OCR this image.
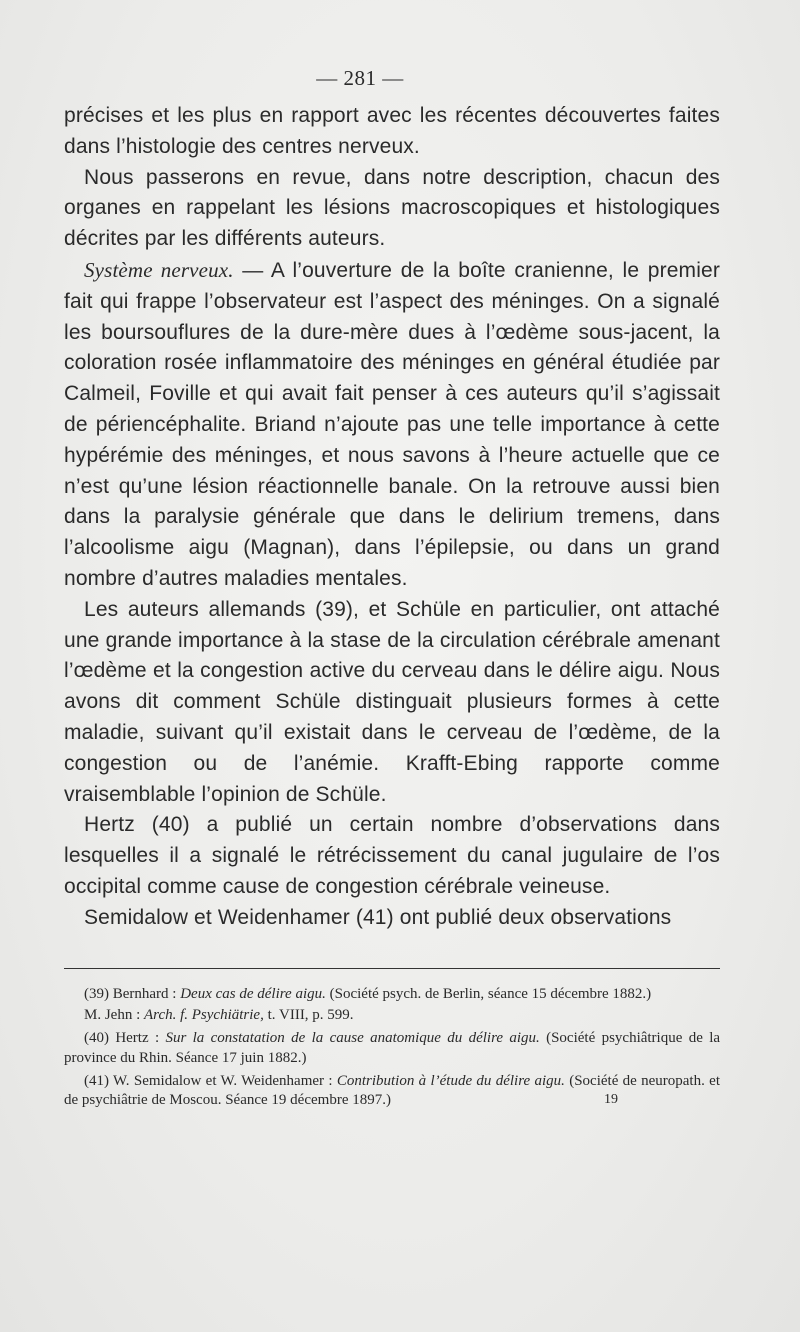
— 281 —

précises et les plus en rapport avec les récentes découvertes faites dans l’histologie des centres nerveux.

Nous passerons en revue, dans notre description, chacun des organes en rappelant les lésions macroscopiques et histologiques décrites par les différents auteurs.

Système nerveux. — A l’ouverture de la boîte cranienne, le premier fait qui frappe l’observateur est l’aspect des méninges. On a signalé les boursouflures de la dure-mère dues à l’œdème sous-jacent, la coloration rosée inflammatoire des méninges en général étudiée par Calmeil, Foville et qui avait fait penser à ces auteurs qu’il s’agissait de périencéphalite. Briand n’ajoute pas une telle importance à cette hypérémie des méninges, et nous savons à l’heure actuelle que ce n’est qu’une lésion réactionnelle banale. On la retrouve aussi bien dans la paralysie générale que dans le delirium tremens, dans l’alcoolisme aigu (Magnan), dans l’épilepsie, ou dans un grand nombre d’autres maladies mentales.

Les auteurs allemands (39), et Schüle en particulier, ont attaché une grande importance à la stase de la circulation cérébrale amenant l’œdème et la congestion active du cerveau dans le délire aigu. Nous avons dit comment Schüle distinguait plusieurs formes à cette maladie, suivant qu’il existait dans le cerveau de l’œdème, de la congestion ou de l’anémie. Krafft-Ebing rapporte comme vraisemblable l’opinion de Schüle.

Hertz (40) a publié un certain nombre d’observations dans lesquelles il a signalé le rétrécissement du canal jugulaire de l’os occipital comme cause de congestion cérébrale veineuse.

Semidalow et Weidenhamer (41) ont publié deux observations

(39) Bernhard : Deux cas de délire aigu. (Société psych. de Berlin, séance 15 décembre 1882.)

M. Jehn : Arch. f. Psychiätrie, t. VIII, p. 599.

(40) Hertz : Sur la constatation de la cause anatomique du délire aigu. (Société psychiâtrique de la province du Rhin. Séance 17 juin 1882.)

(41) W. Semidalow et W. Weidenhamer : Contribution à l’étude du délire aigu. (Société de neuropath. et de psychiâtrie de Moscou. Séance 19 décembre 1897.)	19
